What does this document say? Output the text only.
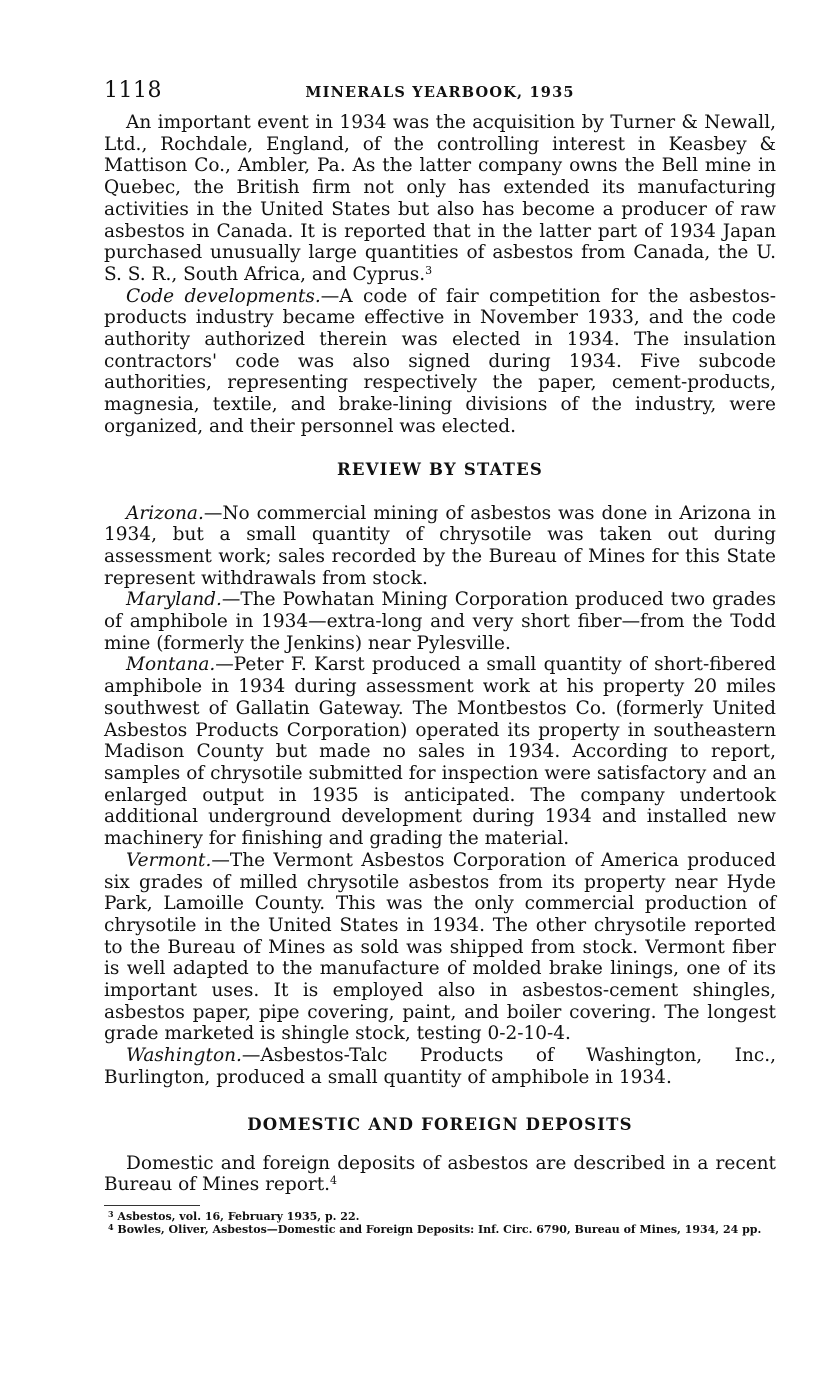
1118	MINERALS YEARBOOK, 1935

An important event in 1934 was the acquisition by Turner & Newall, Ltd., Rochdale, England, of the controlling interest in Keasbey & Mattison Co., Ambler, Pa. As the latter company owns the Bell mine in Quebec, the British firm not only has extended its manufacturing activities in the United States but also has become a producer of raw asbestos in Canada. It is reported that in the latter part of 1934 Japan purchased unusually large quantities of asbestos from Canada, the U. S. S. R., South Africa, and Cyprus.$^3$

Code developments.—A code of fair competition for the asbestos-products industry became effective in November 1933, and the code authority authorized therein was elected in 1934. The insulation contractors' code was also signed during 1934. Five subcode authorities, representing respectively the paper, cement-products, magnesia, textile, and brake-lining divisions of the industry, were organized, and their personnel was elected.

REVIEW BY STATES

Arizona.—No commercial mining of asbestos was done in Arizona in 1934, but a small quantity of chrysotile was taken out during assessment work; sales recorded by the Bureau of Mines for this State represent withdrawals from stock.

Maryland.—The Powhatan Mining Corporation produced two grades of amphibole in 1934—extra-long and very short fiber—from the Todd mine (formerly the Jenkins) near Pylesville.

Montana.—Peter F. Karst produced a small quantity of short-fibered amphibole in 1934 during assessment work at his property 20 miles southwest of Gallatin Gateway. The Montbestos Co. (formerly United Asbestos Products Corporation) operated its property in southeastern Madison County but made no sales in 1934. According to report, samples of chrysotile submitted for inspection were satisfactory and an enlarged output in 1935 is anticipated. The company undertook additional underground development during 1934 and installed new machinery for finishing and grading the material.

Vermont.—The Vermont Asbestos Corporation of America produced six grades of milled chrysotile asbestos from its property near Hyde Park, Lamoille County. This was the only commercial production of chrysotile in the United States in 1934. The other chrysotile reported to the Bureau of Mines as sold was shipped from stock. Vermont fiber is well adapted to the manufacture of molded brake linings, one of its important uses. It is employed also in asbestos-cement shingles, asbestos paper, pipe covering, paint, and boiler covering. The longest grade marketed is shingle stock, testing 0-2-10-4.

Washington.—Asbestos-Talc Products of Washington, Inc., Burlington, produced a small quantity of amphibole in 1934.

DOMESTIC AND FOREIGN DEPOSITS

Domestic and foreign deposits of asbestos are described in a recent Bureau of Mines report.$^4$

$^3$ Asbestos, vol. 16, February 1935, p. 22.

$^4$ Bowles, Oliver, Asbestos—Domestic and Foreign Deposits: Inf. Circ. 6790, Bureau of Mines, 1934, 24 pp.
